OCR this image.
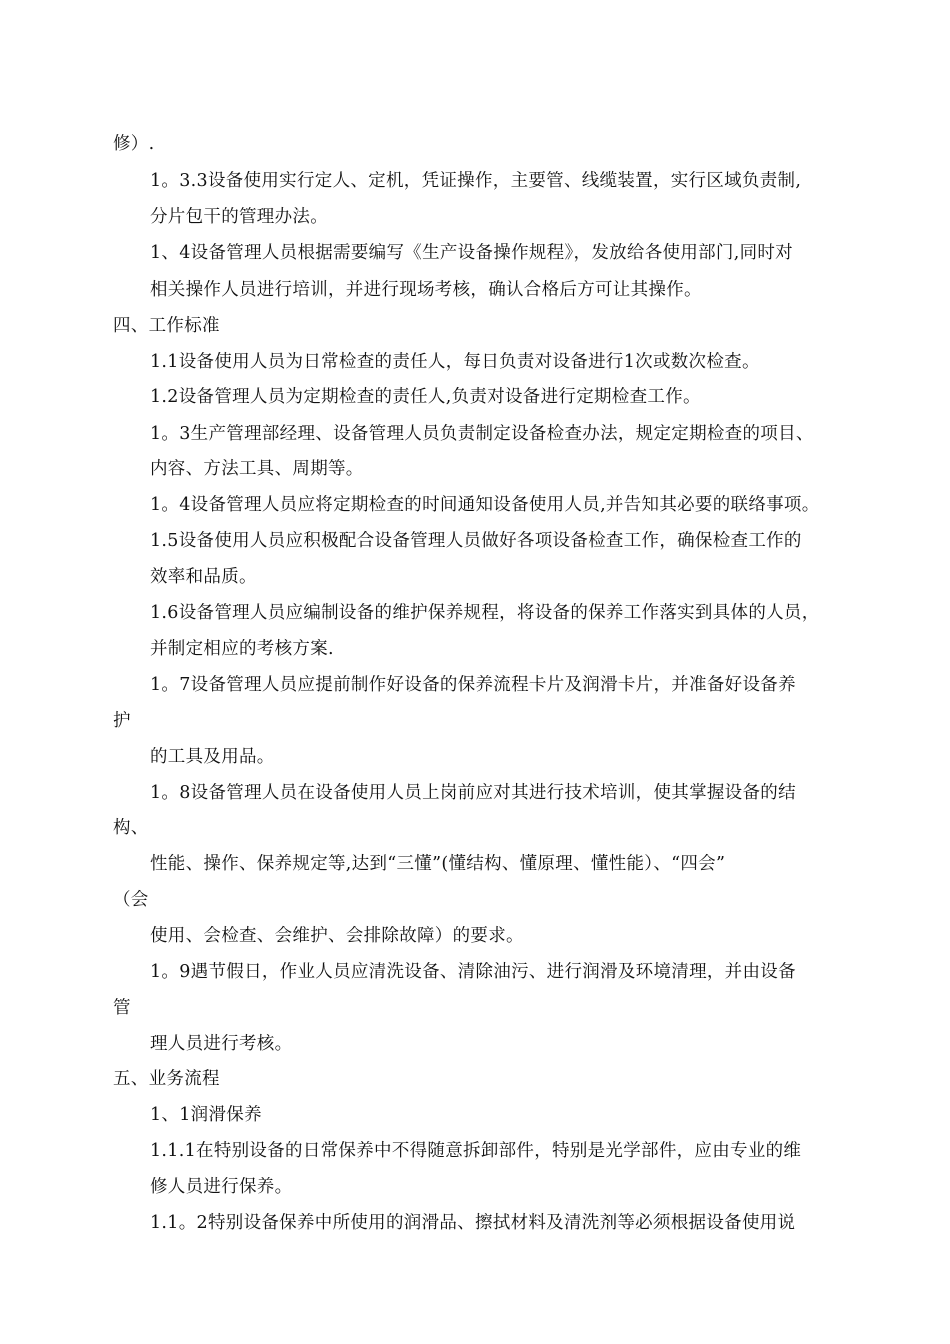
修）.
1。3.3设备使用实行定人、定机，凭证操作，主要管、线缆装置，实行区域负责制,
分片包干的管理办法。
1、4设备管理人员根据需要编写《生产设备操作规程》，发放给各使用部门,同时对
相关操作人员进行培训，并进行现场考核，确认合格后方可让其操作。
四、工作标准
1.1设备使用人员为日常检查的责任人，每日负责对设备进行1次或数次检查。
1.2设备管理人员为定期检查的责任人,负责对设备进行定期检查工作。
1。3生产管理部经理、设备管理人员负责制定设备检查办法，规定定期检查的项目、
内容、方法工具、周期等。
1。4设备管理人员应将定期检查的时间通知设备使用人员,并告知其必要的联络事项。
1.5设备使用人员应积极配合设备管理人员做好各项设备检查工作，确保检查工作的
效率和品质。
1.6设备管理人员应编制设备的维护保养规程，将设备的保养工作落实到具体的人员，
并制定相应的考核方案.
1。7设备管理人员应提前制作好设备的保养流程卡片及润滑卡片，并准备好设备养
护
的工具及用品。
1。8设备管理人员在设备使用人员上岗前应对其进行技术培训，使其掌握设备的结
构、
性能、操作、保养规定等,达到“三懂”(懂结构、懂原理、懂性能）、“四会”
（会
使用、会检查、会维护、会排除故障）的要求。
1。9遇节假日，作业人员应清洗设备、清除油污、进行润滑及环境清理，并由设备
管
理人员进行考核。
五、业务流程
1、1润滑保养
1.1.1在特别设备的日常保养中不得随意拆卸部件，特别是光学部件，应由专业的维
修人员进行保养。
1.1。2特别设备保养中所使用的润滑品、擦拭材料及清洗剂等必须根据设备使用说
